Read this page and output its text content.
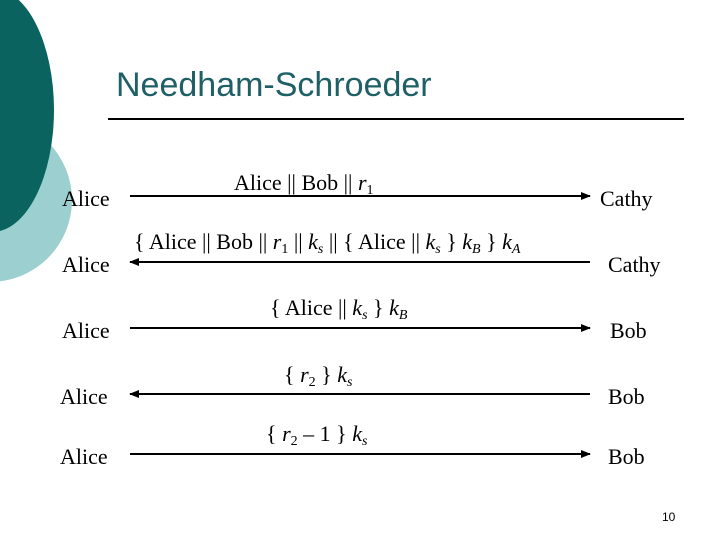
Needham-Schroeder
Alice	Cathy
Alice || Bob || $r_1$
Alice	Cathy
{ Alice || Bob || $r_1$ || $k_s$ || { Alice || $k_s$ } $k_B$ } $k_A$
Alice	Bob
{ Alice || $k_s$ } $k_B$
Alice	Bob
{ $r_2$ } $k_s$
Alice	Bob
{ $r_2 - 1$ } $k_s$
10
